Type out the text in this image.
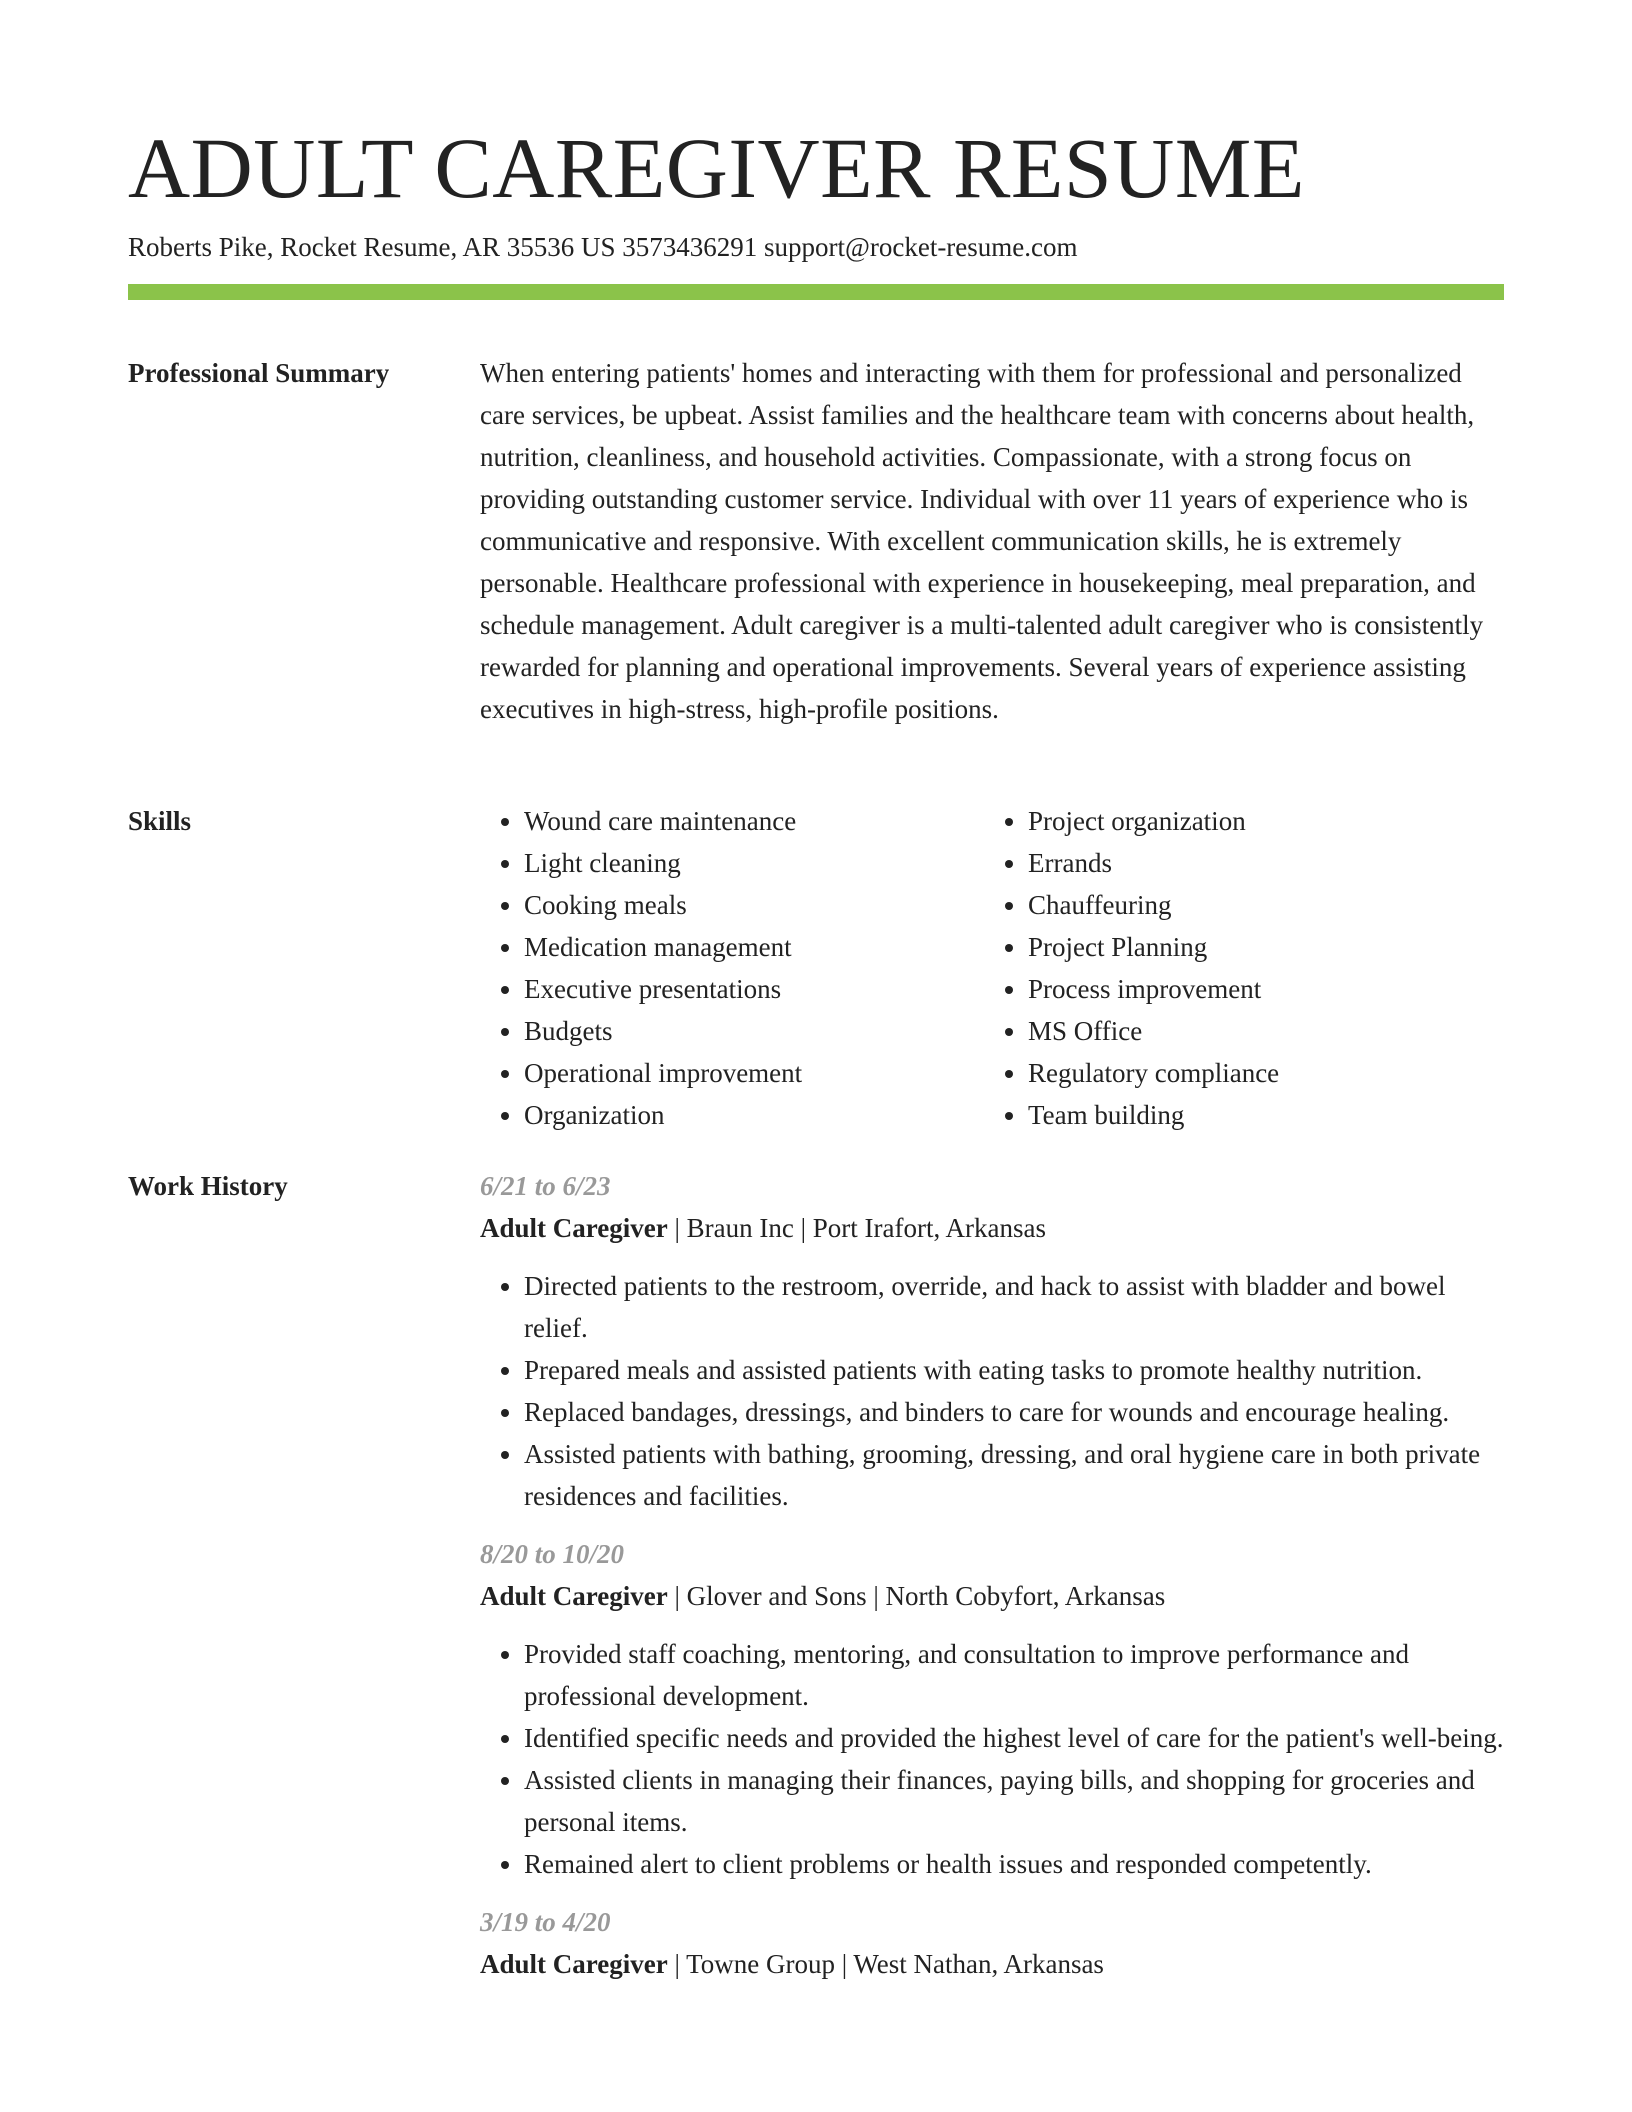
ADULT CAREGIVER RESUME
Roberts Pike, Rocket Resume, AR 35536 US 3573436291 support@rocket-resume.com
Professional Summary	When entering patients' homes and interacting with them for professional and personalized care services, be upbeat. Assist families and the healthcare team with concerns about health, nutrition, cleanliness, and household activities. Compassionate, with a strong focus on providing outstanding customer service. Individual with over 11 years of experience who is communicative and responsive. With excellent communication skills, he is extremely personable. Healthcare professional with experience in housekeeping, meal preparation, and schedule management. Adult caregiver is a multi-talented adult caregiver who is consistently rewarded for planning and operational improvements. Several years of experience assisting executives in high-stress, high-profile positions.

Skills
•	Wound care maintenance
• Light cleaning
• Cooking meals
• Medication management
• Executive presentations
• Budgets
• Operational improvement
• Organization
• Project organization
• Errands
• Chauffeuring
• Project Planning
• Process improvement
• MS Office
• Regulatory compliance
• Team building
Work History	6/21 to 6/23
Adult Caregiver | Braun Inc | Port Irafort, Arkansas
• Directed patients to the restroom, override, and hack to assist with bladder and bowel relief.
• Prepared meals and assisted patients with eating tasks to promote healthy nutrition.
• Replaced bandages, dressings, and binders to care for wounds and encourage healing.
• Assisted patients with bathing, grooming, dressing, and oral hygiene care in both private residences and facilities.
8/20 to 10/20
Adult Caregiver | Glover and Sons | North Cobyfort, Arkansas
• Provided staff coaching, mentoring, and consultation to improve performance and professional development.
• Identified specific needs and provided the highest level of care for the patient's well-being.
• Assisted clients in managing their finances, paying bills, and shopping for groceries and personal items.
• Remained alert to client problems or health issues and responded competently.
3/19 to 4/20
Adult Caregiver | Towne Group | West Nathan, Arkansas
